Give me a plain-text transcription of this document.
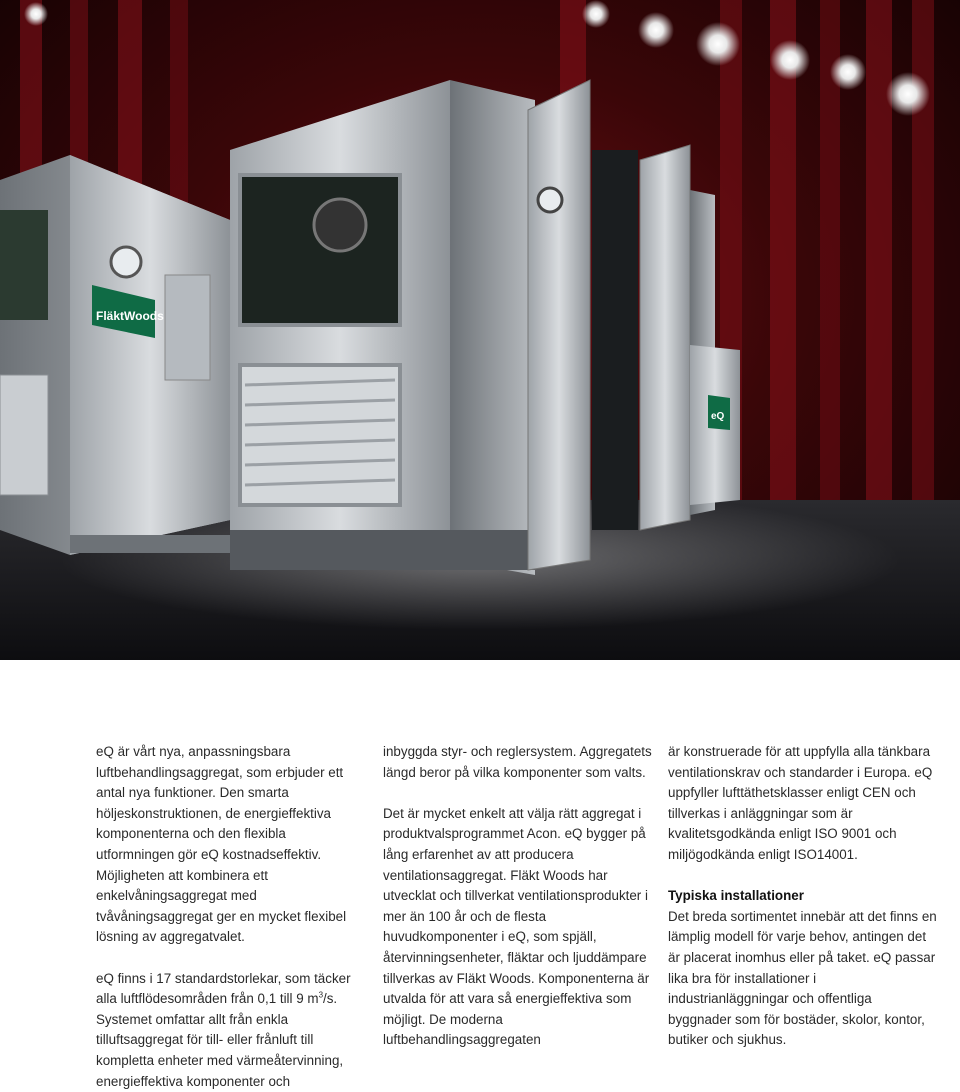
FläktWoods
eQ

eQ är vårt nya, anpassningsbara luftbehandlingsaggregat, som erbjuder ett antal nya funktioner. Den smarta höljeskonstruktionen, de energieffektiva komponenterna och den flexibla utformningen gör eQ kostnadseffektiv. Möjligheten att kombinera ett enkelvåningsaggregat med tvåvåningsaggregat ger en mycket flexibel lösning av aggregatvalet.

eQ finns i 17 standardstorlekar, som täcker alla luftflödesområden från 0,1 till 9 $m^3/s$. Systemet omfattar allt från enkla tilluftsaggregat för till- eller frånluft till kompletta enheter med värmeåtervinning, energieffektiva komponenter och

inbyggda styr- och reglersystem. Aggregatets längd beror på vilka komponenter som valts.

Det är mycket enkelt att välja rätt aggregat i produktvalsprogrammet Acon. eQ bygger på lång erfarenhet av att producera ventilationsaggregat. Fläkt Woods har utvecklat och tillverkat ventilationsprodukter i mer än 100 år och de flesta huvudkomponenter i eQ, som spjäll, återvinningsenheter, fläktar och ljuddämpare tillverkas av Fläkt Woods. Komponenterna är utvalda för att vara så energieffektiva som möjligt. De moderna luftbehandlingsaggregaten

är konstruerade för att uppfylla alla tänkbara ventilationskrav och standarder i Europa. eQ uppfyller lufttäthetsklasser enligt CEN och tillverkas i anläggningar som är kvalitetsgodkända enligt ISO 9001 och miljögodkända enligt ISO14001.

Typiska installationer

Det breda sortimentet innebär att det finns en lämplig modell för varje behov, antingen det är placerat inomhus eller på taket. eQ passar lika bra för installationer i industrianläggningar och offentliga byggnader som för bostäder, skolor, kontor, butiker och sjukhus.
